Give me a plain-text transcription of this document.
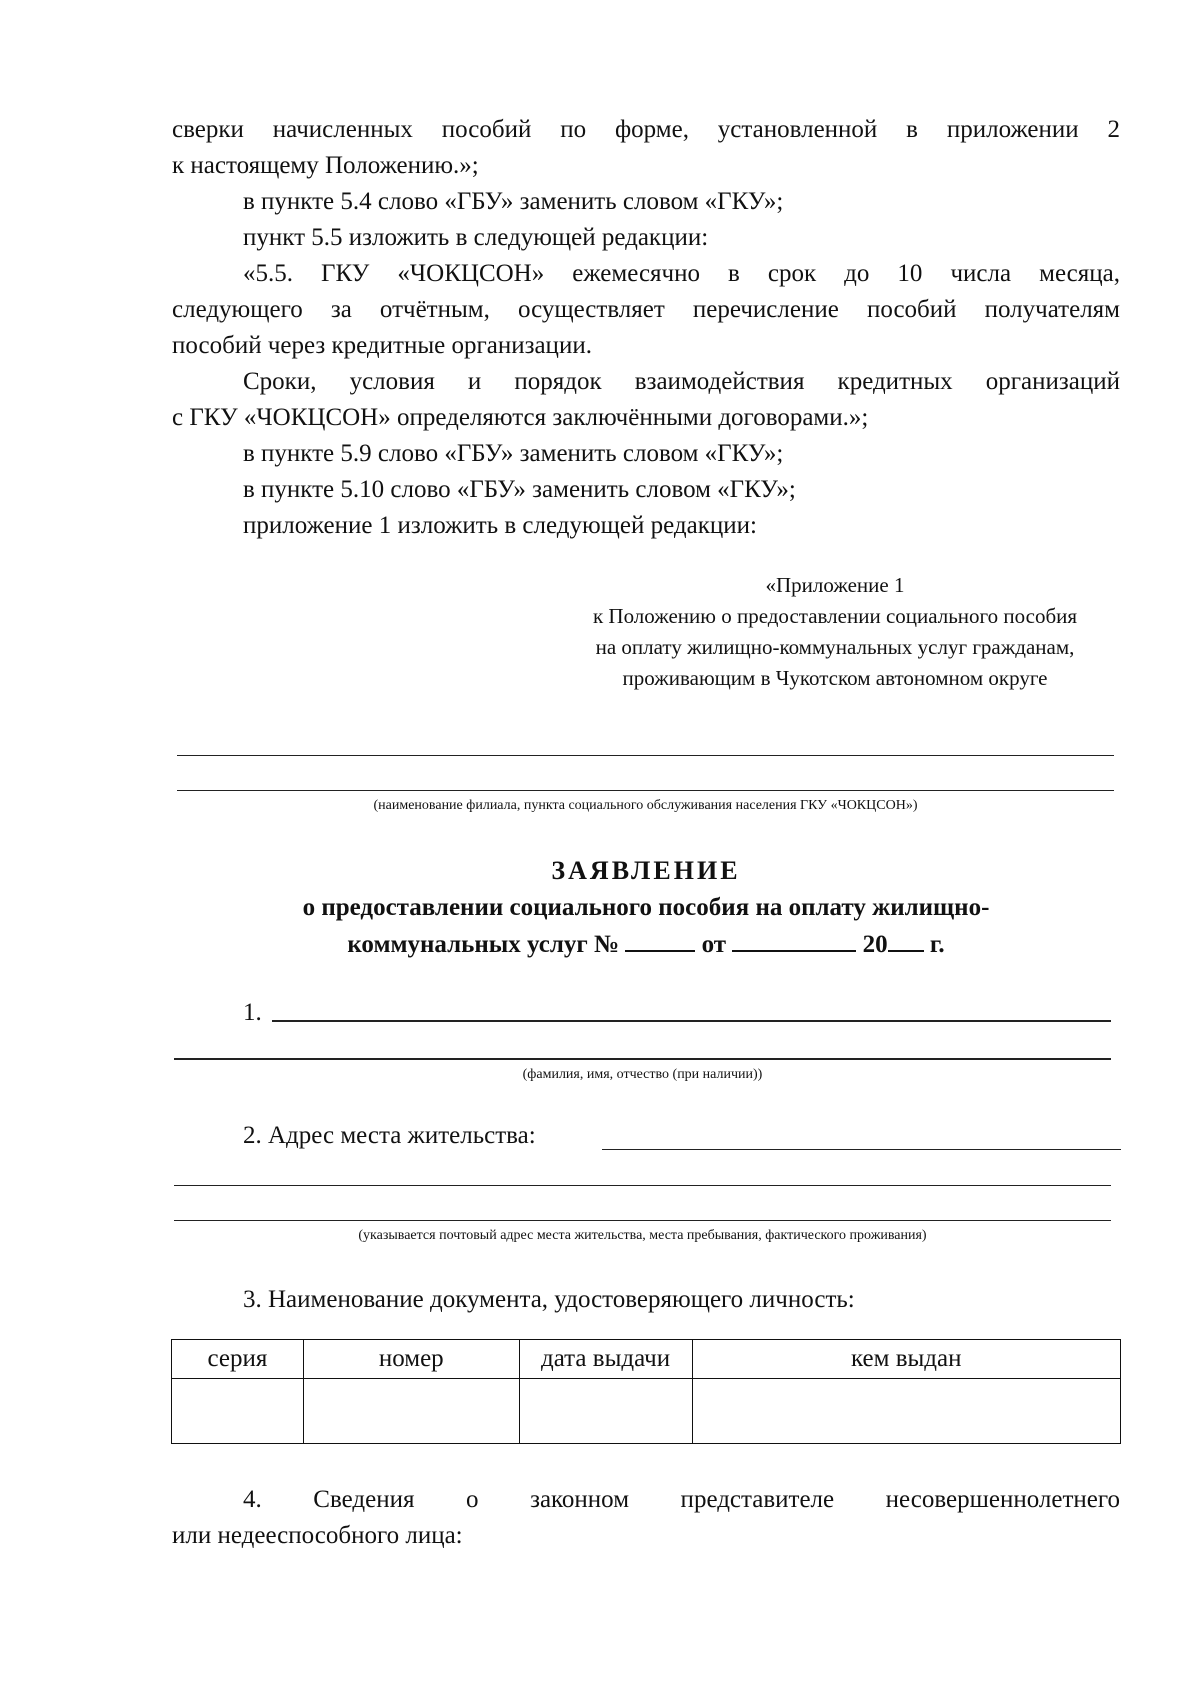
сверки начисленных пособий по форме, установленной в приложении 2

к настоящему Положению.»;

в пункте 5.4 слово «ГБУ» заменить словом «ГКУ»;

пункт 5.5 изложить в следующей редакции:

«5.5. ГКУ «ЧОКЦСОН» ежемесячно в срок до 10 числа месяца,

следующего за отчётным, осуществляет перечисление пособий получателям

пособий через кредитные организации.

Сроки, условия и порядок взаимодействия кредитных организаций

с ГКУ «ЧОКЦСОН» определяются заключёнными договорами.»;

в пункте 5.9 слово «ГБУ» заменить словом «ГКУ»;

в пункте 5.10 слово «ГБУ» заменить словом «ГКУ»;

приложение 1 изложить в следующей редакции:

«Приложение 1
к Положению о предоставлении социального пособия
на оплату жилищно-коммунальных услуг гражданам,
проживающим в Чукотском автономном округе
(наименование филиала, пункта социального обслуживания населения ГКУ «ЧОКЦСОН»)
ЗАЯВЛЕНИЕ
о предоставлении социального пособия на оплату жилищно-
коммунальных услуг №	от	20 г.
1.
(фамилия, имя, отчество (при наличии))
2. Адрес места жительства:
(указывается почтовый адрес места жительства, места пребывания, фактического проживания)
3. Наименование документа, удостоверяющего личность:
серия	номер	дата выдачи	кем выдан

4. Сведения о законном представителе несовершеннолетнего

или недееспособного лица:
